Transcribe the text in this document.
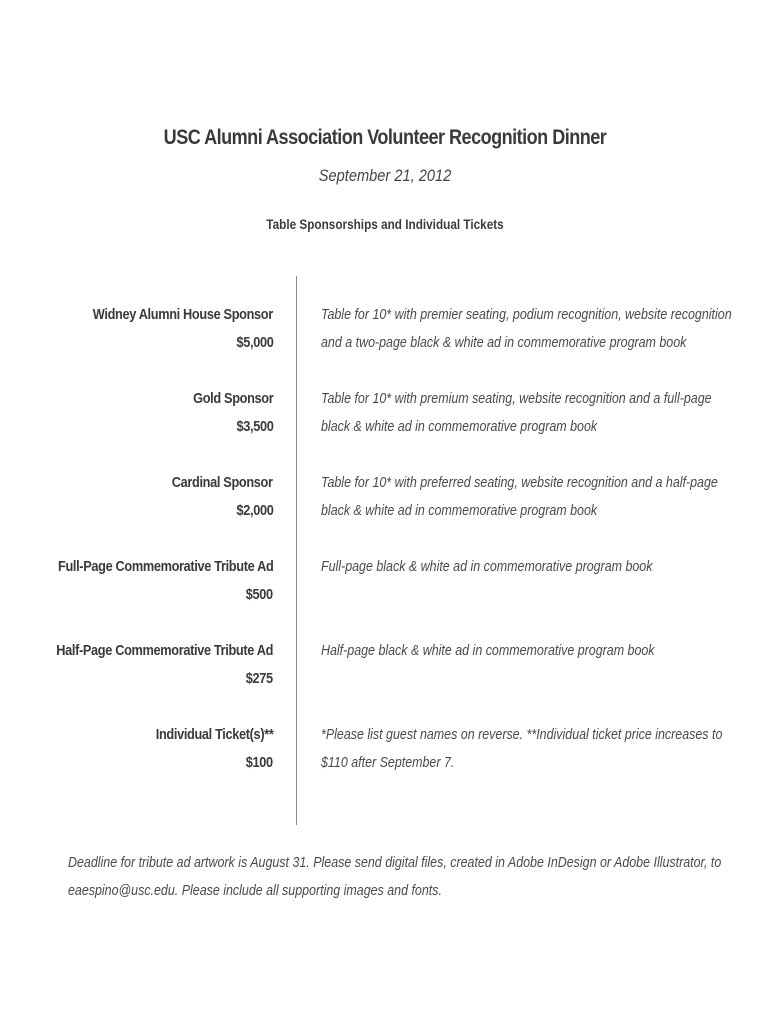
USC Alumni Association Volunteer Recognition Dinner
September 21, 2012
Table Sponsorships and Individual Tickets
Widney Alumni House Sponsor
$5,000
Table for 10* with premier seating, podium recognition, website recognition
and a two-page black & white ad in commemorative program book
Gold Sponsor
$3,500
Table for 10* with premium seating, website recognition and a full-page
black & white ad in commemorative program book
Cardinal Sponsor
$2,000
Table for 10* with preferred seating, website recognition and a half-page
black & white ad in commemorative program book
Full-Page Commemorative Tribute Ad
$500
Full-page black & white ad in commemorative program book
Half-Page Commemorative Tribute Ad
$275
Half-page black & white ad in commemorative program book
Individual Ticket(s)**
$100
*Please list guest names on reverse. **Individual ticket price increases to
$110 after September 7.
Deadline for tribute ad artwork is August 31. Please send digital files, created in Adobe InDesign or Adobe Illustrator, to
eaespino@usc.edu. Please include all supporting images and fonts.
